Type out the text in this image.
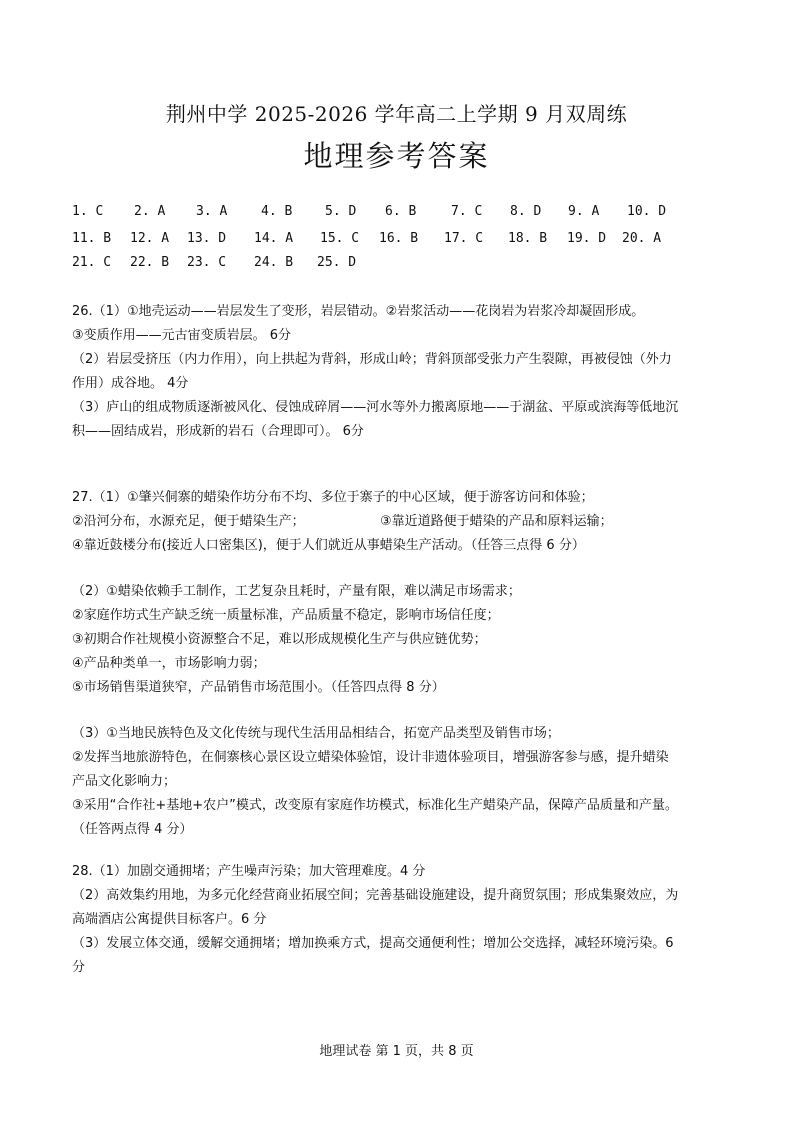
荆州中学 2025-2026 学年高二上学期 9 月双周练
地理参考答案
1. C 2. A 3. A	4. B	5. D 6. B	7. C 8. D 9. A 10. D
11. B 12. A 13. D 14. A 15. C 16. B 17. C 18. B 19. D 20. A
21. C 22. B 23. C 24. B 25. D
26.（1）①地壳运动——岩层发生了变形，岩层错动。②岩浆活动——花岗岩为岩浆冷却凝固形成。
③变质作用——元古宙变质岩层。 6分
（2）岩层受挤压（内力作用），向上拱起为背斜，形成山岭；背斜顶部受张力产生裂隙，再被侵蚀（外力
作用）成谷地。 4分
（3）庐山的组成物质逐渐被风化、侵蚀成碎屑——河水等外力搬离原地——于湖盆、平原或滨海等低地沉
积——固结成岩，形成新的岩石（合理即可）。 6分
27.（1）①肇兴侗寨的蜡染作坊分布不均、多位于寨子的中心区域，便于游客访问和体验；
②沿河分布，水源充足，便于蜡染生产；	③靠近道路便于蜡染的产品和原料运输；
④靠近鼓楼分布(接近人口密集区)，便于人们就近从事蜡染生产活动。（任答三点得 6 分）
（2）①蜡染依赖手工制作，工艺复杂且耗时，产量有限，难以满足市场需求；
②家庭作坊式生产缺乏统一质量标准，产品质量不稳定，影响市场信任度；
③初期合作社规模小资源整合不足，难以形成规模化生产与供应链优势；
④产品种类单一，市场影响力弱；
⑤市场销售渠道狭窄，产品销售市场范围小。（任答四点得 8 分）
（3）①当地民族特色及文化传统与现代生活用品相结合，拓宽产品类型及销售市场；
②发挥当地旅游特色，在侗寨核心景区设立蜡染体验馆，设计非遗体验项目，增强游客参与感，提升蜡染
产品文化影响力；
③采用“合作社+基地+农户”模式，改变原有家庭作坊模式，标准化生产蜡染产品，保障产品质量和产量。
（任答两点得 4 分）
28.（1）加剧交通拥堵；产生噪声污染；加大管理难度。4 分
（2）高效集约用地，为多元化经营商业拓展空间；完善基础设施建设，提升商贸氛围；形成集聚效应，为
高端酒店公寓提供目标客户。6 分
（3）发展立体交通，缓解交通拥堵；增加换乘方式，提高交通便利性；增加公交选择，减轻环境污染。6
分
地理试卷 第 1 页，共 8 页
